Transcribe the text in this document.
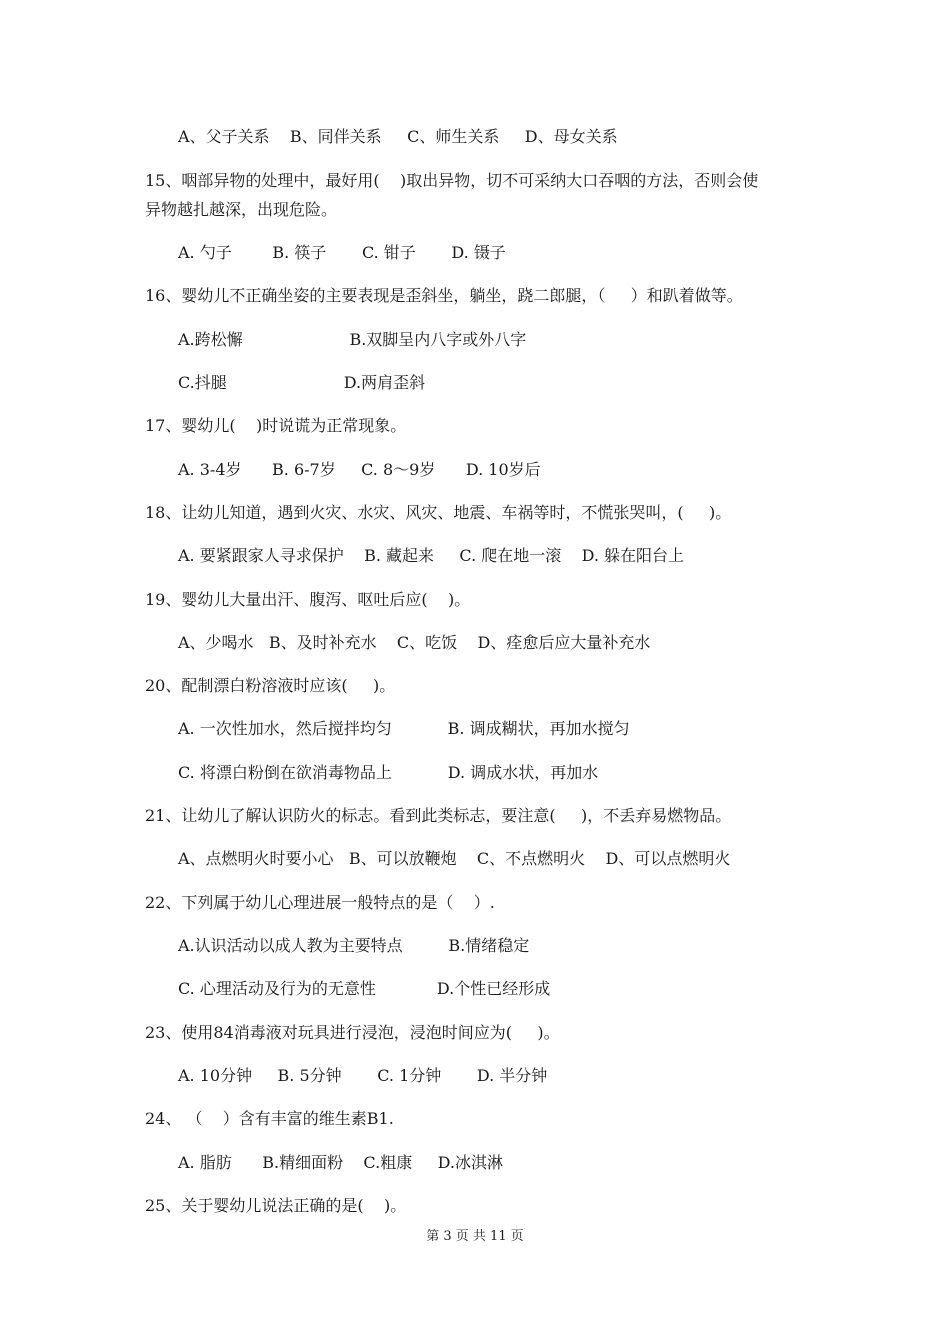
A、父子关系    B、同伴关系     C、师生关系     D、母女关系
15、咽部异物的处理中，最好用(    )取出异物，切不可采纳大口吞咽的方法，否则会使
异物越扎越深，出现危险。
A. 勺子        B. 筷子       C. 钳子       D. 镊子
16、婴幼儿不正确坐姿的主要表现是歪斜坐，躺坐，跷二郎腿，（     ）和趴着做等。
A.跨松懈                     B.双脚呈内八字或外八字
C.抖腿                       D.两肩歪斜
17、婴幼儿(    )时说谎为正常现象。
A. 3-4岁      B. 6-7岁     C. 8～9岁      D. 10岁后
18、让幼儿知道，遇到火灾、水灾、风灾、地震、车祸等时，不慌张哭叫，(     )。
A. 要紧跟家人寻求保护    B. 藏起来     C. 爬在地一滚    D. 躲在阳台上
19、婴幼儿大量出汗、腹泻、呕吐后应(    )。
A、少喝水   B、及时补充水    C、吃饭    D、痊愈后应大量补充水
20、配制漂白粉溶液时应该(     )。
A. 一次性加水，然后搅拌均匀           B. 调成糊状，再加水搅匀
C. 将漂白粉倒在欲消毒物品上           D. 调成水状，再加水
21、让幼儿了解认识防火的标志。看到此类标志，要注意(     )，不丢弃易燃物品。
A、点燃明火时要小心   B、可以放鞭炮    C、不点燃明火    D、可以点燃明火
22、下列属于幼儿心理进展一般特点的是（    ）.
A.认识活动以成人教为主要特点         B.情绪稳定
C. 心理活动及行为的无意性            D.个性已经形成
23、使用84消毒液对玩具进行浸泡，浸泡时间应为(     )。
A. 10分钟     B. 5分钟       C. 1分钟       D. 半分钟
24、 （    ）含有丰富的维生素B1.
A. 脂肪      B.精细面粉    C.粗康     D.冰淇淋
25、关于婴幼儿说法正确的是(    )。
第 3 页 共 11 页
